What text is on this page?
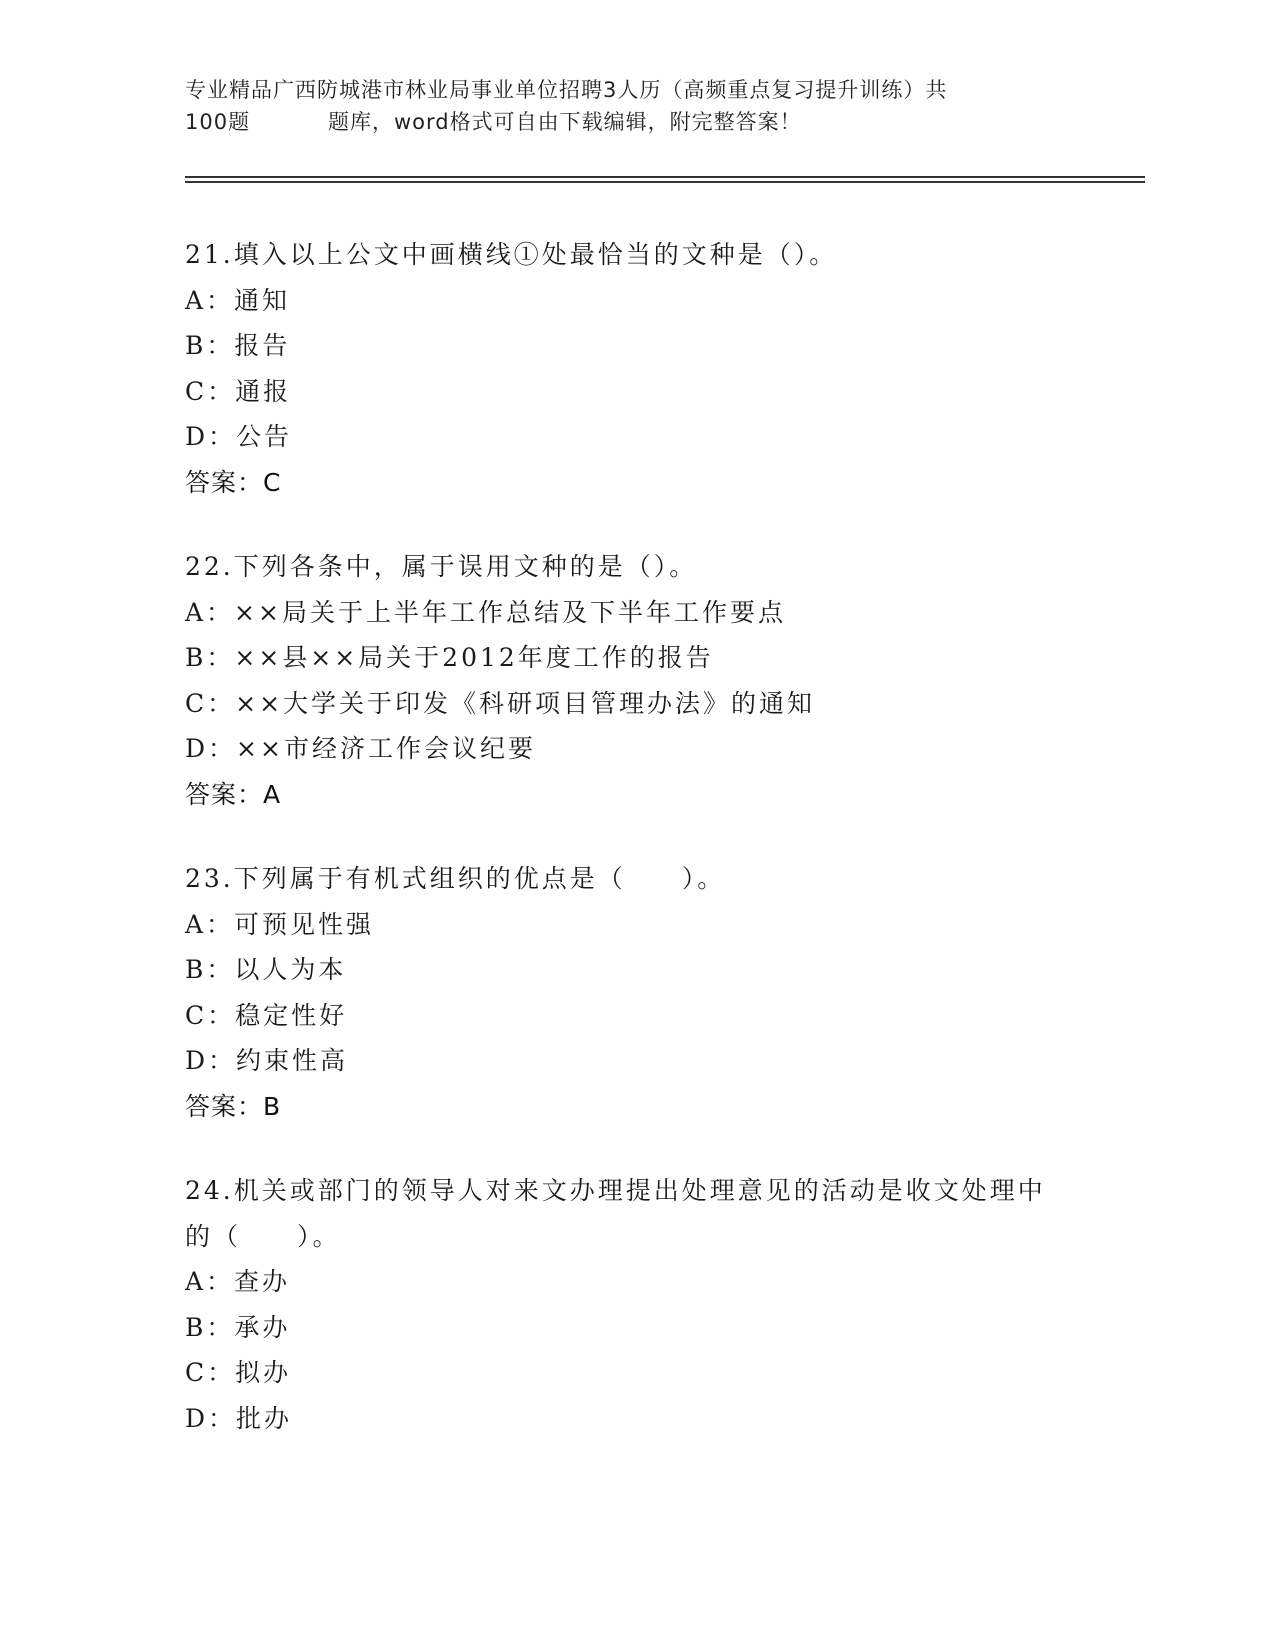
专业精品广西防城港市林业局事业单位招聘3人历（高频重点复习提升训练）共
100题	题库，word格式可自由下载编辑，附完整答案！
21.填入以上公文中画横线①处最恰当的文种是（）。
A：通知
B：报告
C：通报
D：公告
答案：C
22.下列各条中，属于误用文种的是（）。
A：××局关于上半年工作总结及下半年工作要点
B：××县××局关于2012年度工作的报告
C：××大学关于印发《科研项目管理办法》的通知
D：××市经济工作会议纪要
答案：A
23.下列属于有机式组织的优点是（　　）。
A：可预见性强
B：以人为本
C：稳定性好
D：约束性高
答案：B
24.机关或部门的领导人对来文办理提出处理意见的活动是收文处理中的（　　）。
A：查办
B：承办
C：拟办
D：批办
